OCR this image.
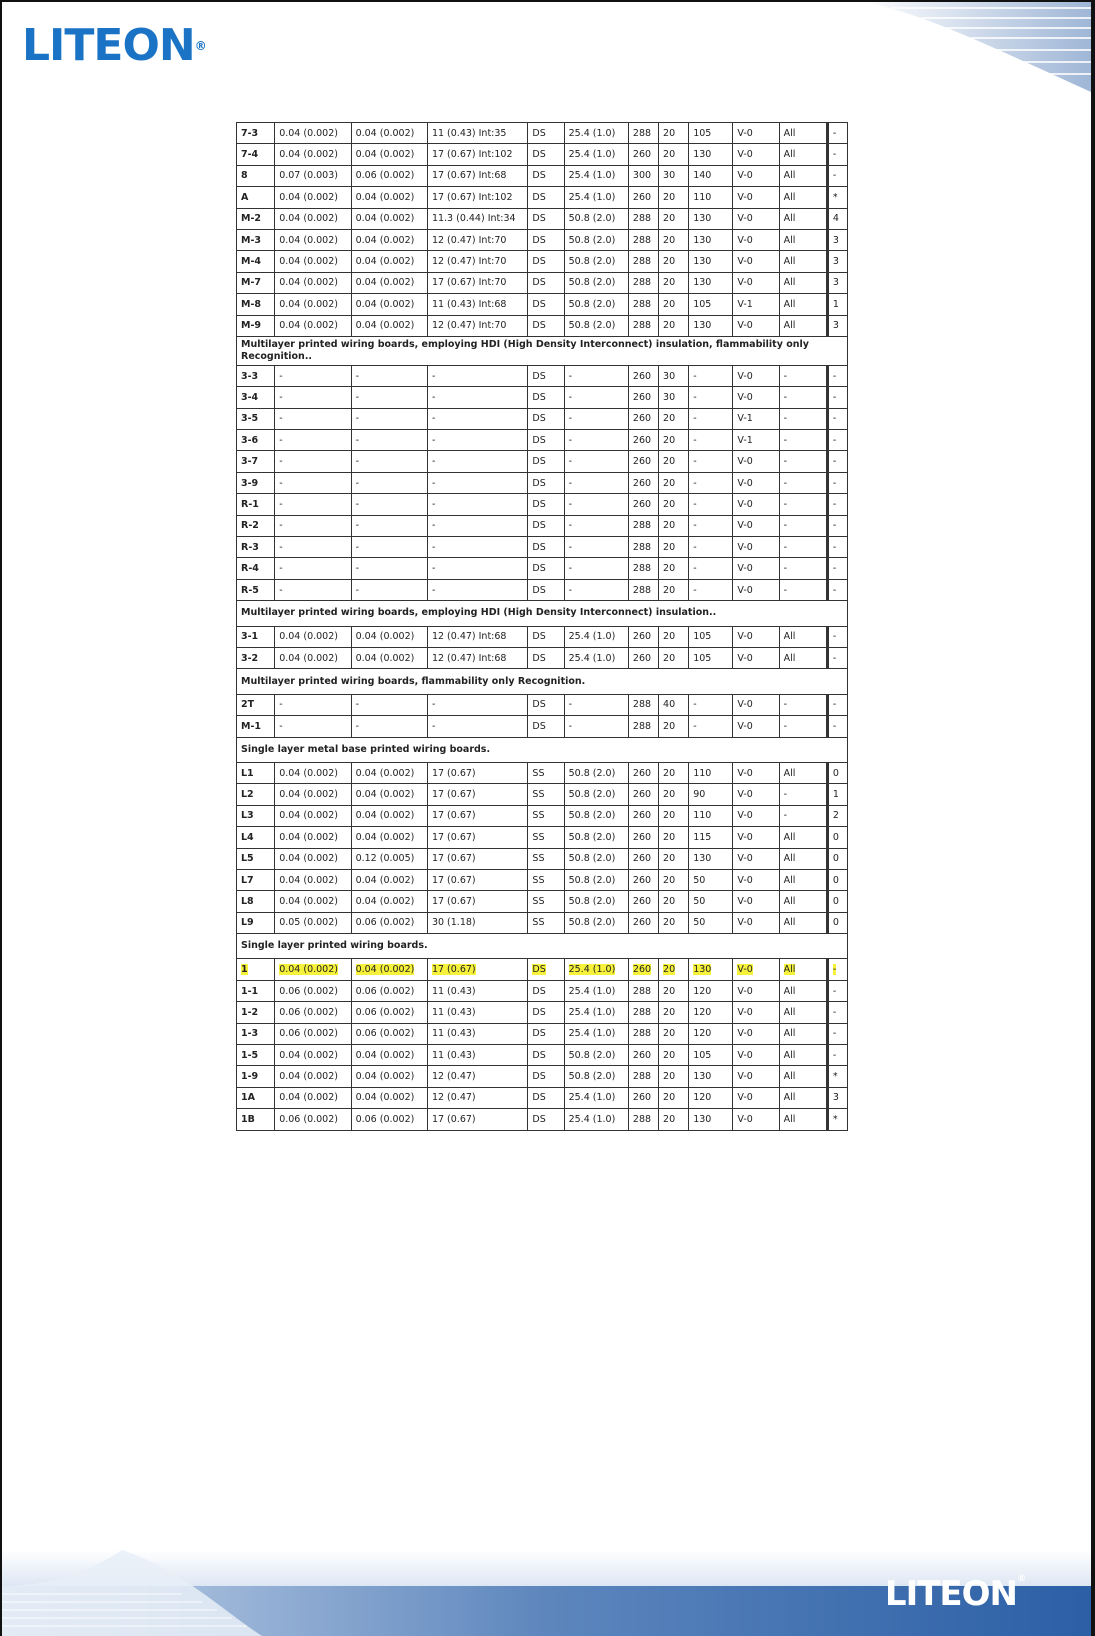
LITEON®
7-3	0.04 (0.002)	0.04 (0.002)	11 (0.43) Int:35	DS	25.4 (1.0)	288	20	105	V-0	All	-
7-4	0.04 (0.002)	0.04 (0.002)	17 (0.67) Int:102	DS	25.4 (1.0)	260	20	130	V-0	All	-
8	0.07 (0.003)	0.06 (0.002)	17 (0.67) Int:68	DS	25.4 (1.0)	300	30	140	V-0	All	-
A	0.04 (0.002)	0.04 (0.002)	17 (0.67) Int:102	DS	25.4 (1.0)	260	20	110	V-0	All	*
M-2	0.04 (0.002)	0.04 (0.002)	11.3 (0.44) Int:34	DS	50.8 (2.0)	288	20	130	V-0	All	4
M-3	0.04 (0.002)	0.04 (0.002)	12 (0.47) Int:70	DS	50.8 (2.0)	288	20	130	V-0	All	3
M-4	0.04 (0.002)	0.04 (0.002)	12 (0.47) Int:70	DS	50.8 (2.0)	288	20	130	V-0	All	3
M-7	0.04 (0.002)	0.04 (0.002)	17 (0.67) Int:70	DS	50.8 (2.0)	288	20	130	V-0	All	3
M-8	0.04 (0.002)	0.04 (0.002)	11 (0.43) Int:68	DS	50.8 (2.0)	288	20	105	V-1	All	1
M-9	0.04 (0.002)	0.04 (0.002)	12 (0.47) Int:70	DS	50.8 (2.0)	288	20	130	V-0	All	3
Multilayer printed wiring boards, employing HDI (High Density Interconnect) insulation, flammability only Recognition..											
3-3	-	-	-	DS	-	260	30	-	V-0	-	-
3-4	-	-	-	DS	-	260	30	-	V-0	-	-
3-5	-	-	-	DS	-	260	20	-	V-1	-	-
3-6	-	-	-	DS	-	260	20	-	V-1	-	-
3-7	-	-	-	DS	-	260	20	-	V-0	-	-
3-9	-	-	-	DS	-	260	20	-	V-0	-	-
R-1	-	-	-	DS	-	260	20	-	V-0	-	-
R-2	-	-	-	DS	-	288	20	-	V-0	-	-
R-3	-	-	-	DS	-	288	20	-	V-0	-	-
R-4	-	-	-	DS	-	288	20	-	V-0	-	-
R-5	-	-	-	DS	-	288	20	-	V-0	-	-
Multilayer printed wiring boards, employing HDI (High Density Interconnect) insulation..											
3-1	0.04 (0.002)	0.04 (0.002)	12 (0.47) Int:68	DS	25.4 (1.0)	260	20	105	V-0	All	-
3-2	0.04 (0.002)	0.04 (0.002)	12 (0.47) Int:68	DS	25.4 (1.0)	260	20	105	V-0	All	-
Multilayer printed wiring boards, flammability only Recognition.											
2T	-	-	-	DS	-	288	40	-	V-0	-	-
M-1	-	-	-	DS	-	288	20	-	V-0	-	-
Single layer metal base printed wiring boards.											
L1	0.04 (0.002)	0.04 (0.002)	17 (0.67)	SS	50.8 (2.0)	260	20	110	V-0	All	0
L2	0.04 (0.002)	0.04 (0.002)	17 (0.67)	SS	50.8 (2.0)	260	20	90	V-0	-	1
L3	0.04 (0.002)	0.04 (0.002)	17 (0.67)	SS	50.8 (2.0)	260	20	110	V-0	-	2
L4	0.04 (0.002)	0.04 (0.002)	17 (0.67)	SS	50.8 (2.0)	260	20	115	V-0	All	0
L5	0.04 (0.002)	0.12 (0.005)	17 (0.67)	SS	50.8 (2.0)	260	20	130	V-0	All	0
L7	0.04 (0.002)	0.04 (0.002)	17 (0.67)	SS	50.8 (2.0)	260	20	50	V-0	All	0
L8	0.04 (0.002)	0.04 (0.002)	17 (0.67)	SS	50.8 (2.0)	260	20	50	V-0	All	0
L9	0.05 (0.002)	0.06 (0.002)	30 (1.18)	SS	50.8 (2.0)	260	20	50	V-0	All	0
Single layer printed wiring boards.											
1	0.04 (0.002)	0.04 (0.002)	17 (0.67)	DS	25.4 (1.0)	260	20	130	V-0	All	-
1-1	0.06 (0.002)	0.06 (0.002)	11 (0.43)	DS	25.4 (1.0)	288	20	120	V-0	All	-
1-2	0.06 (0.002)	0.06 (0.002)	11 (0.43)	DS	25.4 (1.0)	288	20	120	V-0	All	-
1-3	0.06 (0.002)	0.06 (0.002)	11 (0.43)	DS	25.4 (1.0)	288	20	120	V-0	All	-
1-5	0.04 (0.002)	0.04 (0.002)	11 (0.43)	DS	50.8 (2.0)	260	20	105	V-0	All	-
1-9	0.04 (0.002)	0.04 (0.002)	12 (0.47)	DS	50.8 (2.0)	288	20	130	V-0	All	*
1A	0.04 (0.002)	0.04 (0.002)	12 (0.47)	DS	25.4 (1.0)	260	20	120	V-0	All	3
1B	0.06 (0.002)	0.06 (0.002)	17 (0.67)	DS	25.4 (1.0)	288	20	130	V-0	All	*
LITEON®
